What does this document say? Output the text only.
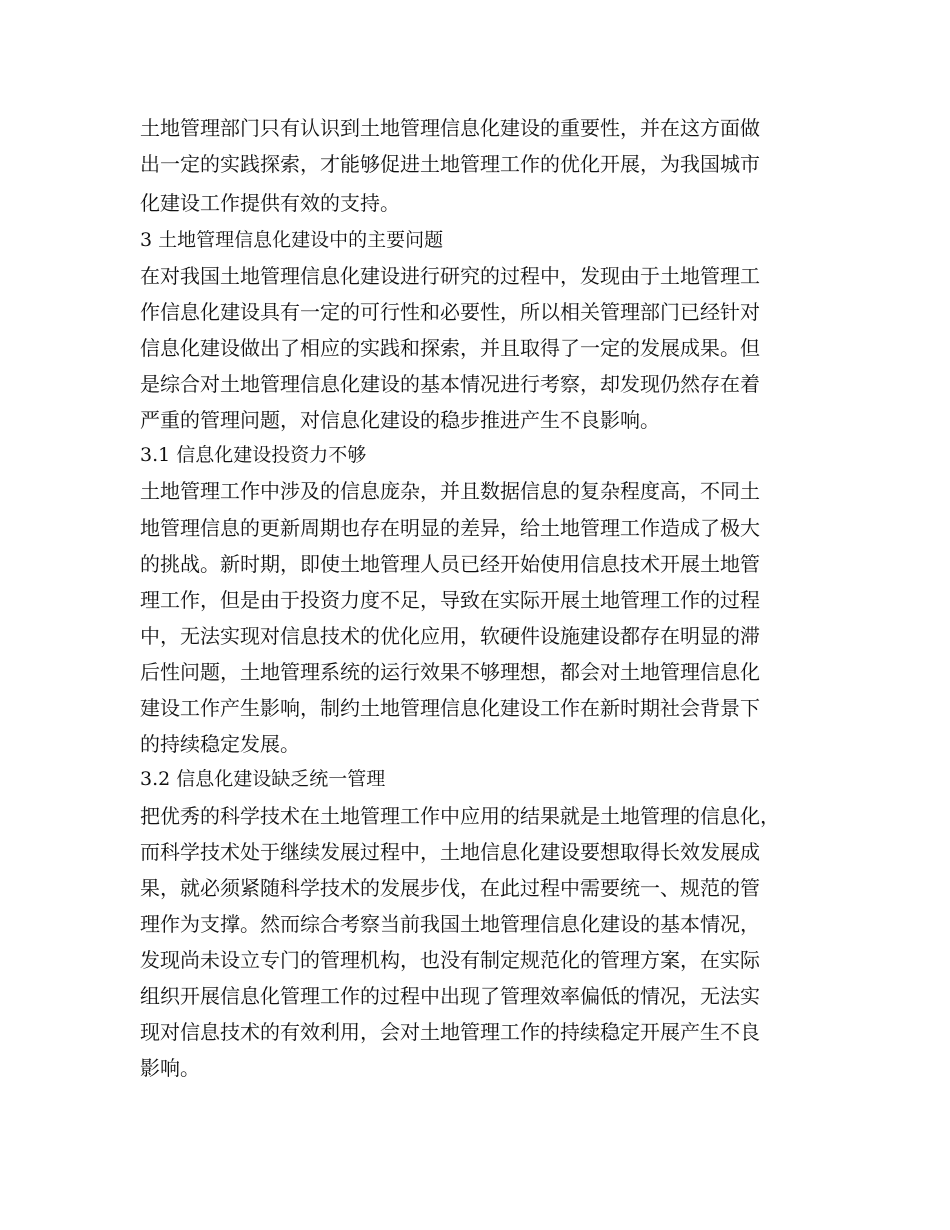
土地管理部门只有认识到土地管理信息化建设的重要性，并在这方面做
出一定的实践探索，才能够促进土地管理工作的优化开展，为我国城市
化建设工作提供有效的支持。
3 土地管理信息化建设中的主要问题
在对我国土地管理信息化建设进行研究的过程中，发现由于土地管理工
作信息化建设具有一定的可行性和必要性，所以相关管理部门已经针对
信息化建设做出了相应的实践和探索，并且取得了一定的发展成果。但
是综合对土地管理信息化建设的基本情况进行考察，却发现仍然存在着
严重的管理问题，对信息化建设的稳步推进产生不良影响。
3.1 信息化建设投资力不够
土地管理工作中涉及的信息庞杂，并且数据信息的复杂程度高，不同土
地管理信息的更新周期也存在明显的差异，给土地管理工作造成了极大
的挑战。新时期，即使土地管理人员已经开始使用信息技术开展土地管
理工作，但是由于投资力度不足，导致在实际开展土地管理工作的过程
中，无法实现对信息技术的优化应用，软硬件设施建设都存在明显的滞
后性问题，土地管理系统的运行效果不够理想，都会对土地管理信息化
建设工作产生影响，制约土地管理信息化建设工作在新时期社会背景下
的持续稳定发展。
3.2 信息化建设缺乏统一管理
把优秀的科学技术在土地管理工作中应用的结果就是土地管理的信息化，
而科学技术处于继续发展过程中，土地信息化建设要想取得长效发展成
果，就必须紧随科学技术的发展步伐，在此过程中需要统一、规范的管
理作为支撑。然而综合考察当前我国土地管理信息化建设的基本情况，
发现尚未设立专门的管理机构，也没有制定规范化的管理方案，在实际
组织开展信息化管理工作的过程中出现了管理效率偏低的情况，无法实
现对信息技术的有效利用，会对土地管理工作的持续稳定开展产生不良
影响。
